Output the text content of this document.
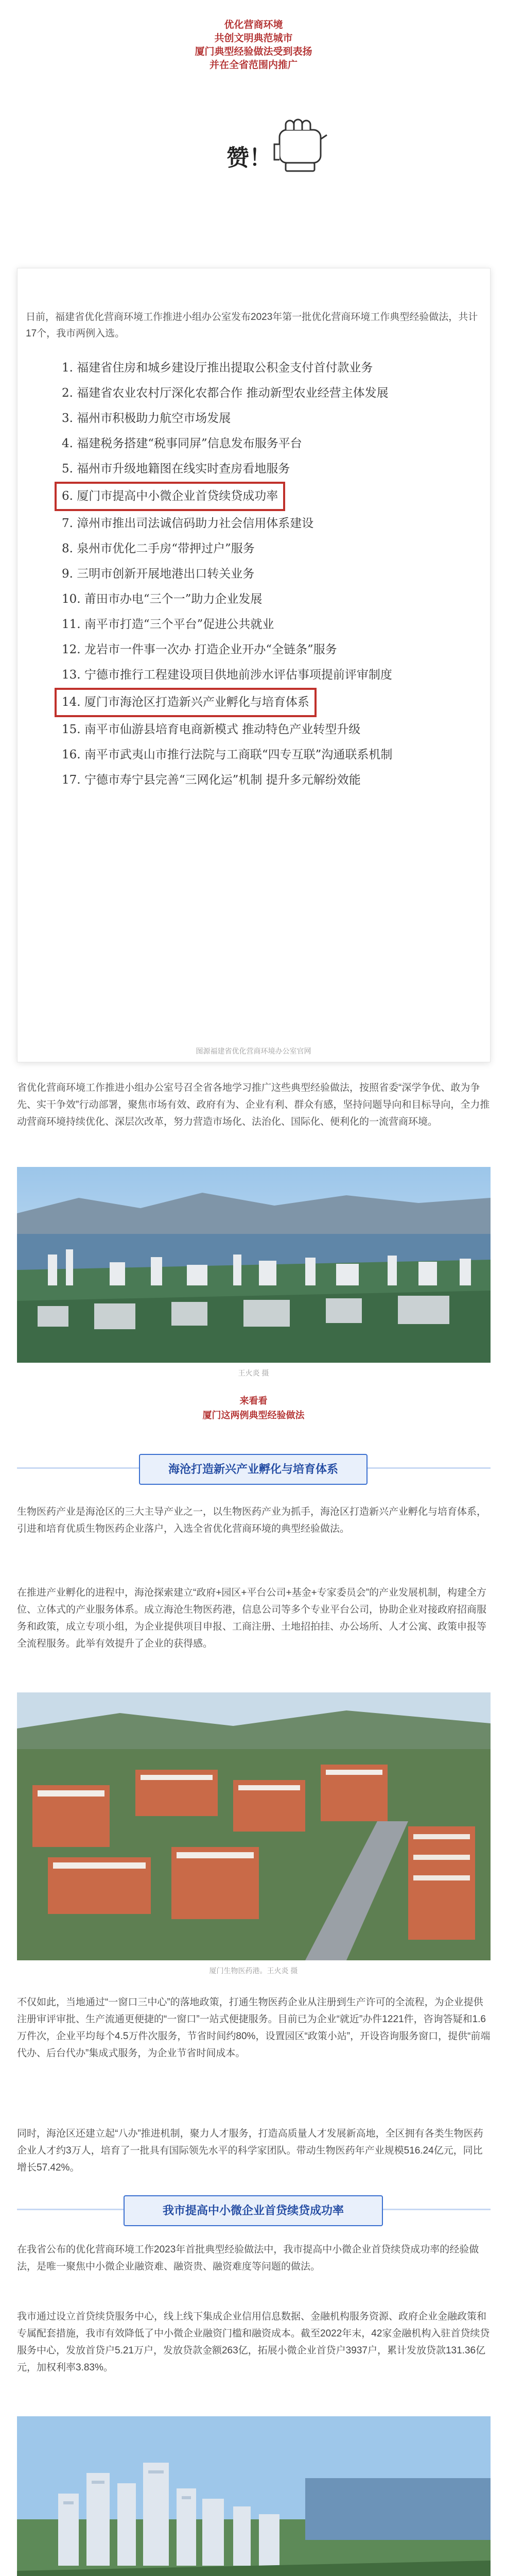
优化营商环境
共创文明典范城市
厦门典型经验做法受到表扬
并在全省范围内推广
赞！
日前，福建省优化营商环境工作推进小组办公室发布2023年第一批优化营商环境工作典型经验做法，共计17个，我市两例入选。

1. 福建省住房和城乡建设厅推出提取公积金支付首付款业务

2. 福建省农业农村厅深化农都合作 推动新型农业经营主体发展

3. 福州市积极助力航空市场发展

4. 福建税务搭建“税事同屏”信息发布服务平台

5. 福州市升级地籍图在线实时查房看地服务

6. 厦门市提高中小微企业首贷续贷成功率

7. 漳州市推出司法诚信码助力社会信用体系建设

8. 泉州市优化二手房“带押过户”服务

9. 三明市创新开展地港出口转关业务

10. 莆田市办电“三个一”助力企业发展

11. 南平市打造“三个平台”促进公共就业

12. 龙岩市一件事一次办 打造企业开办“全链条”服务

13. 宁德市推行工程建设项目供地前涉水评估事项提前评审制度

14. 厦门市海沧区打造新兴产业孵化与培育体系

15. 南平市仙游县培育电商新模式 推动特色产业转型升级

16. 南平市武夷山市推行法院与工商联“四专互联”沟通联系机制

17. 宁德市寿宁县完善“三网化运”机制 提升多元解纷效能

图源福建省优化营商环境办公室官网
省优化营商环境工作推进小组办公室号召全省各地学习推广这些典型经验做法，按照省委“深学争优、敢为争先、实干争效”行动部署，聚焦市场有效、政府有为、企业有利、群众有感，坚持问题导向和目标导向，全力推动营商环境持续优化、深层次改革，努力营造市场化、法治化、国际化、便利化的一流营商环境。
王火炎 摄
来看看
厦门这两例典型经验做法
海沧打造新兴产业孵化与培育体系
生物医药产业是海沧区的三大主导产业之一，以生物医药产业为抓手，海沧区打造新兴产业孵化与培育体系，引进和培育优质生物医药企业落户，入选全省优化营商环境的典型经验做法。
在推进产业孵化的进程中，海沧探索建立“政府+园区+平台公司+基金+专家委员会”的产业发展机制，构建全方位、立体式的产业服务体系。成立海沧生物医药港，信息公司等多个专业平台公司，协助企业对接政府招商服务和政策，成立专项小组，为企业提供项目申报、工商注册、土地招拍挂、办公场所、人才公寓、政策申报等全流程服务。此举有效提升了企业的获得感。
厦门生物医药港。王火炎 摄
不仅如此，当地通过“一窗口三中心”的落地政策，打通生物医药企业从注册到生产许可的全流程，为企业提供注册审评审批、生产流通更便捷的“一窗口”一站式便捷服务。目前已为企业“就近”办件1221件，咨询答疑和1.6万件次，企业平均每个4.5万件次服务，节省时间约80%，设置园区“政策小站”，开设咨询服务窗口，提供“前端代办、后台代办”集成式服务，为企业节省时间成本。
同时，海沧区还建立起“八办”推进机制，聚力人才服务，打造高质量人才发展新高地，全区拥有各类生物医药企业人才约3万人，培育了一批具有国际领先水平的科学家团队。带动生物医药年产业规模516.24亿元，同比增长57.42%。
我市提高中小微企业首贷续贷成功率
在我省公布的优化营商环境工作2023年首批典型经验做法中，我市提高中小微企业首贷续贷成功率的经验做法，是唯一聚焦中小微企业融资难、融资贵、融资难度等问题的做法。
我市通过设立首贷续贷服务中心，线上线下集成企业信用信息数据、金融机构服务资源、政府企业金融政策和专属配套措施，我市有效降低了中小微企业融资门槛和融资成本。截至2022年末，42家金融机构入驻首贷续贷服务中心，发放首贷户5.21万户，发放贷款金额263亿，拓展小微企业首贷户3937户，累计发放贷款131.36亿元，加权利率3.83%。
